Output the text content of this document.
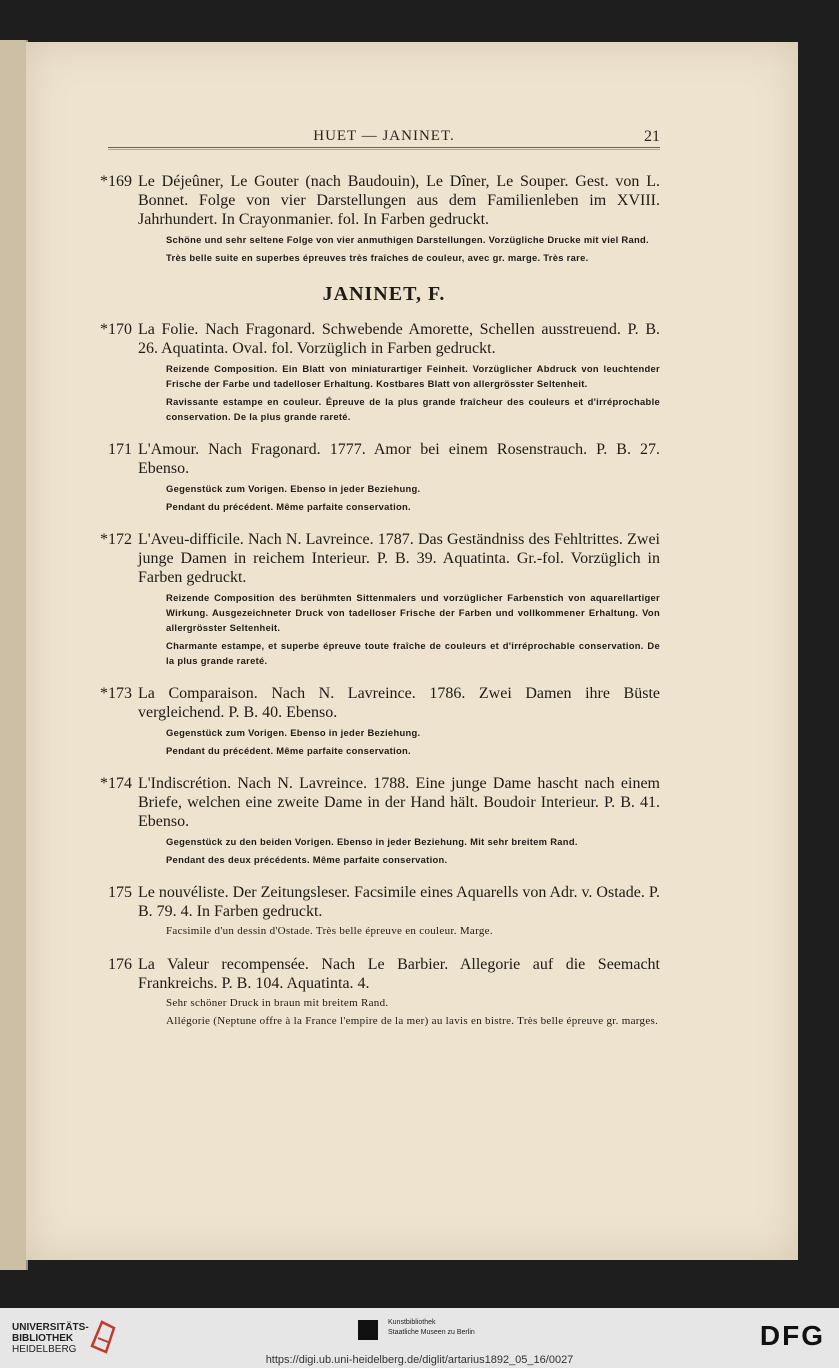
HUET — JANINET.	21
*169 Le Déjeûner, Le Gouter (nach Baudouin), Le Dîner, Le Souper. Gest. von L. Bonnet. Folge von vier Darstellungen aus dem Familienleben im XVIII. Jahrhundert. In Crayonmanier. fol. In Farben gedruckt.
Schöne und sehr seltene Folge von vier anmuthigen Darstellungen. Vorzügliche Drucke mit viel Rand.
Très belle suite en superbes épreuves très fraîches de couleur, avec gr. marge. Très rare.
JANINET, F.
*170 La Folie. Nach Fragonard. Schwebende Amorette, Schellen ausstreuend. P. B. 26. Aquatinta. Oval. fol. Vorzüglich in Farben gedruckt.
Reizende Composition. Ein Blatt von miniaturartiger Feinheit. Vorzüglicher Abdruck von leuchtender Frische der Farbe und tadelloser Erhaltung. Kostbares Blatt von allergrösster Seltenheit.
Ravissante estampe en couleur. Épreuve de la plus grande fraîcheur des couleurs et d'irréprochable conservation. De la plus grande rareté.
171 L'Amour. Nach Fragonard. 1777. Amor bei einem Rosenstrauch. P. B. 27. Ebenso.
Gegenstück zum Vorigen. Ebenso in jeder Beziehung.
Pendant du précédent. Même parfaite conservation.
*172 L'Aveu-difficile. Nach N. Lavreince. 1787. Das Geständniss des Fehltrittes. Zwei junge Damen in reichem Interieur. P. B. 39. Aquatinta. Gr.-fol. Vorzüglich in Farben gedruckt.
Reizende Composition des berühmten Sittenmalers und vorzüglicher Farbenstich von aquarellartiger Wirkung. Ausgezeichneter Druck von tadelloser Frische der Farben und vollkommener Erhaltung. Von allergrösster Seltenheit.
Charmante estampe, et superbe épreuve toute fraîche de couleurs et d'irréprochable conservation. De la plus grande rareté.
*173 La Comparaison. Nach N. Lavreince. 1786. Zwei Damen ihre Büste vergleichend. P. B. 40. Ebenso.
Gegenstück zum Vorigen. Ebenso in jeder Beziehung.
Pendant du précédent. Même parfaite conservation.
*174 L'Indiscrétion. Nach N. Lavreince. 1788. Eine junge Dame hascht nach einem Briefe, welchen eine zweite Dame in der Hand hält. Boudoir Interieur. P. B. 41. Ebenso.
Gegenstück zu den beiden Vorigen. Ebenso in jeder Beziehung. Mit sehr breitem Rand.
Pendant des deux précédents. Même parfaite conservation.
175 Le nouvéliste. Der Zeitungsleser. Facsimile eines Aquarells von Adr. v. Ostade. P. B. 79. 4. In Farben gedruckt.
Facsimile d'un dessin d'Ostade. Très belle épreuve en couleur. Marge.
176 La Valeur recompensée. Nach Le Barbier. Allegorie auf die Seemacht Frankreichs. P. B. 104. Aquatinta. 4.
Sehr schöner Druck in braun mit breitem Rand.
Allégorie (Neptune offre à la France l'empire de la mer) au lavis en bistre. Très belle épreuve gr. marges.
UNIVERSITÄTS-
BIBLIOTHEK
HEIDELBERG
Kunstbibliothek
Staatliche Museen zu Berlin	DFG
https://digi.ub.uni-heidelberg.de/diglit/artarius1892_05_16/0027
